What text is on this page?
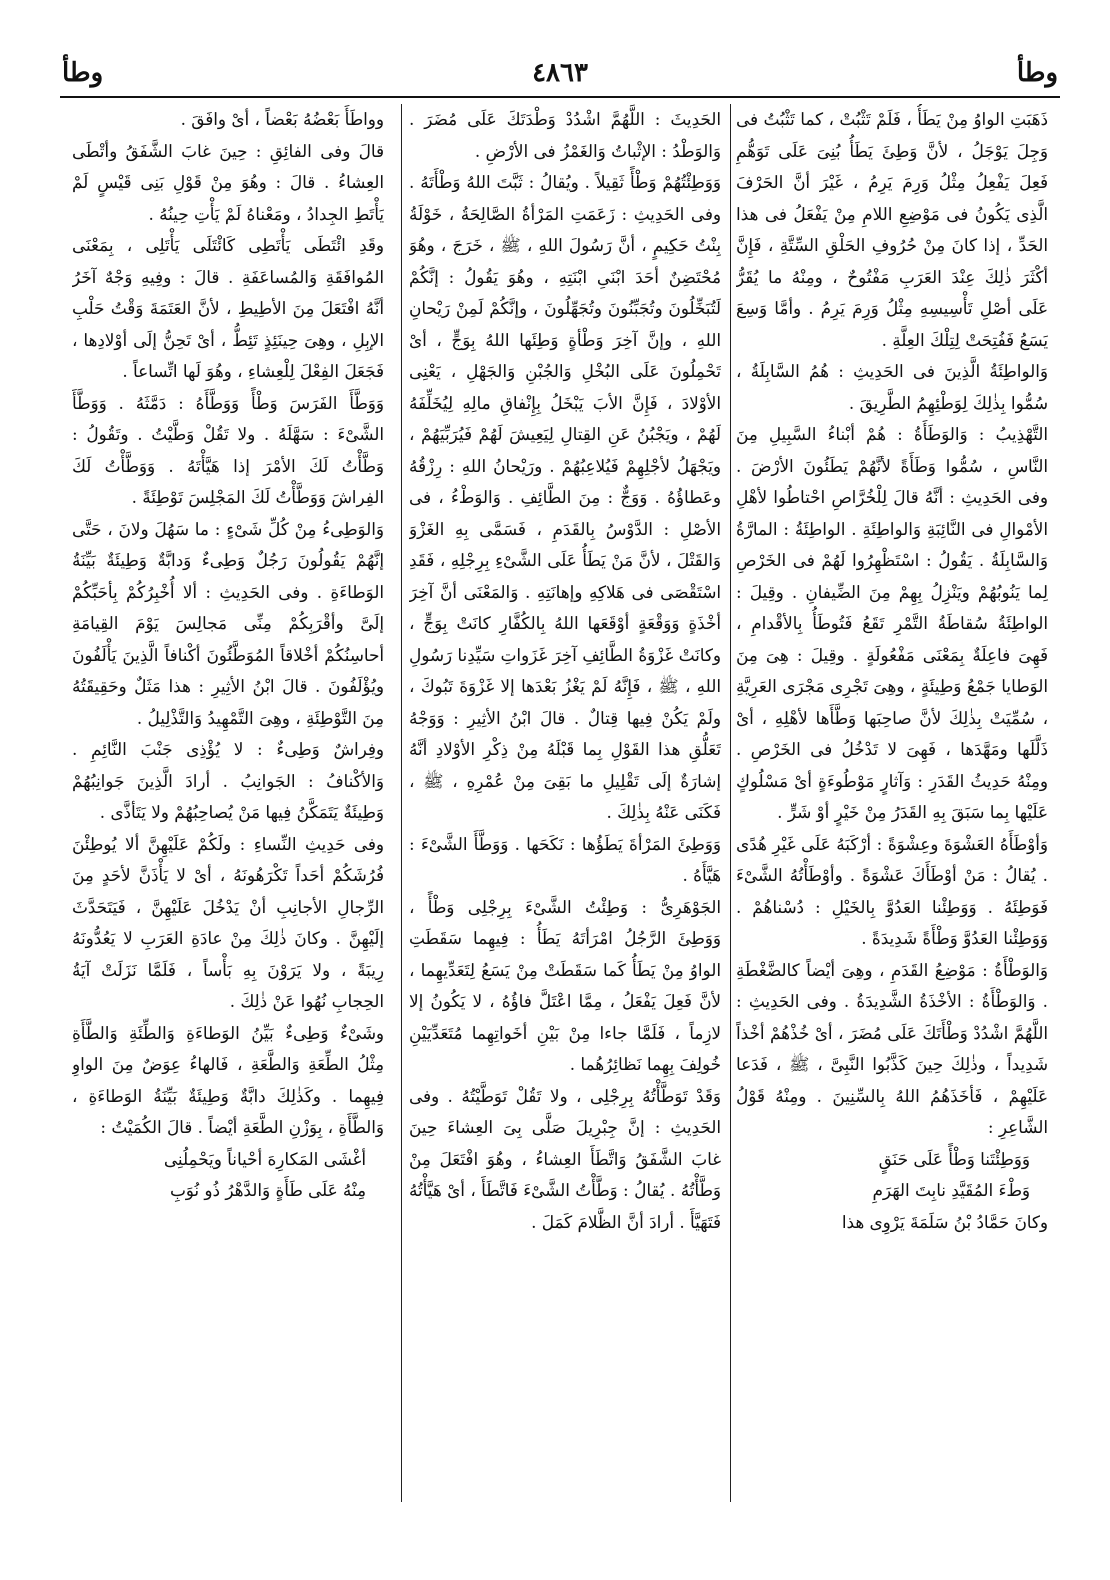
وطأ
٤٨٦٣
وطأ

ذَهَبَتِ الواوُ مِنْ يَطَأُ ، فَلَمْ تَثْبُتْ ، كما تَثْبُتُ فى وَجِلَ يَوْجَلُ ، لأنَّ وَطِئَ يَطَأُ بُنِىَ عَلَى تَوَهُّمِ فَعِلَ يَفْعِلُ مِثْلُ وَرِمَ يَرِمُ ، غَيْرَ أنَّ الحَرْفَ الَّذِى يَكُونُ فى مَوْضِعِ اللامِ مِنْ يَفْعَلُ فى هذا الحَدِّ ، إذا كانَ مِنْ حُرُوفِ الحَلْقِ السِّتَّةِ ، فَإِنَّ أكْثَرَ ذٰلِكَ عِنْدَ العَرَبِ مَفْتُوحٌ ، ومِنْهُ ما يُقَرُّ عَلَى أصْلِ تَأْسِيسِهِ مِثْلُ وَرِمَ يَرِمُ . وأمَّا وَسِعَ يَسَعُ فَفُتِحَتْ لِتِلْكَ العِلَّةِ .

وَالواطِئَةُ الَّذِينَ فى الحَدِيثِ : هُمُ السَّابِلَةُ ، سُمُّوا بِذٰلِكَ لِوَطْئِهِمُ الطَّرِيقَ .

التَّهْذِيبُ : وَالوَطَأَةُ : هُمْ أبْناءُ السَّبِيلِ مِنَ النَّاسِ ، سُمُّوا وَطَأَةً لأنَّهُمْ يَطَئُونَ الأرْضَ . وفى الحَدِيثِ : أنَّهُ قالَ لِلْخُرَّاصِ احْتاطُوا لأهْلِ الأمْوالِ فى النَّائِبَةِ وَالواطِئَةِ . الواطِئَةُ : المارَّةُ وَالسَّابِلَةُ . يَقُولُ : اسْتَظْهِرُوا لَهُمْ فى الخَرْصِ لِما يَنُوبُهُمْ ويَنْزِلُ بِهِمْ مِنَ الضِّيفانِ . وقِيلَ : الواطِئَةُ سُقاطَةُ التَّمْرِ تَقَعُ فَتُوطَأُ بِالأقْدامِ ، فَهِىَ فاعِلَةٌ بِمَعْنَى مَفْعُولَةٍ . وقِيلَ : هِىَ مِنَ الوَطايا جَمْعُ وَطِيئَةٍ ، وهِىَ تَجْرِى مَجْرَى العَرِيَّةِ ، سُمِّيَتْ بِذٰلِكَ لأنَّ صاحِبَها وَطَّأَها لأهْلِهِ ، أىْ ذَلَّلَها ومَهَّدَها ، فَهِىَ لا تَدْخُلُ فى الخَرْصِ . ومِنْهُ حَدِيثُ القَدَرِ : وَآثارٍ مَوْطُوءَةٍ أىْ مَسْلُوكٍ عَلَيْها بِما سَبَقَ بِهِ القَدَرُ مِنْ خَيْرٍ أوْ شَرٍّ .

وَأوْطَأَهُ العَشْوَةَ وعِشْوَةً : أرْكَبَهُ عَلَى غَيْرِ هُدًى . يُقالُ : مَنْ أوْطَأَكَ عَشْوَةً . وأوْطَأْتُهُ الشَّىْءَ فَوَطِئَهُ . وَوَطِئْنا العَدُوَّ بِالخَيْلِ : دُسْناهُمْ . وَوَطِئْنا العَدُوَّ وَطْأَةً شَدِيدَةً .

وَالوَطْأَةُ : مَوْضِعُ القَدَمِ ، وهِىَ أيْضاً كالضَّغْطَةِ . وَالوَطْأَةُ : الأخْذَةُ الشَّدِيدَةُ . وفى الحَدِيثِ : اللَّهُمَّ اشْدُدْ وَطْأَتَكَ عَلَى مُضَرَ ، أىْ خُذْهُمْ أخْذاً شَدِيداً ، وذٰلِكَ حِينَ كَذَّبُوا النَّبِىَّ ، ﷺ ، فَدَعا عَلَيْهِمْ ، فَأخَذَهُمُ اللهُ بِالسِّنِينَ . ومِنْهُ قَوْلُ الشَّاعِرِ :

وَوَطِئْتَنا وَطْأً عَلَى حَنَقٍ

وَطْءَ المُقَيَّدِ نابِتَ الهَرَمِ

وكانَ حَمَّادُ بْنُ سَلَمَةَ يَرْوِى هذا

الحَدِيثَ : اللَّهُمَّ اشْدُدْ وَطْدَتَكَ عَلَى مُضَرَ . وَالوَطْدُ : الإثْباتُ وَالغَمْزُ فى الأرْضِ .

وَوَطِئْتُهُمْ وَطْأً ثَقِيلاً . ويُقالُ : ثَبَّتَ اللهُ وَطْأَتَهُ . وفى الحَدِيثِ : زَعَمَتِ المَرْأةُ الصَّالِحَةُ ، خَوْلَةُ بِنْتُ حَكِيمٍ ، أنَّ رَسُولَ اللهِ ، ﷺ ، خَرَجَ ، وهُوَ مُحْتَضِنٌ أحَدَ ابْنَىِ ابْنَتِهِ ، وهُوَ يَقُولُ : إنَّكُمْ لَتُبَخِّلُونَ وتُجَبِّنُونَ وتُجَهِّلُونَ ، وإنَّكُمْ لَمِنْ رَيْحانِ اللهِ ، وإنَّ آخِرَ وَطْأةٍ وَطِئَها اللهُ بِوَجٍّ ، أىْ تَحْمِلُونَ عَلَى البُخْلِ وَالجُبْنِ وَالجَهْلِ ، يَعْنِى الأوْلادَ ، فَإِنَّ الأبَ يَبْخَلُ بِإِنْفاقِ مالِهِ لِيُخَلِّفَهُ لَهُمْ ، ويَجْبُنُ عَنِ القِتالِ لِيَعِيشَ لَهُمْ فَيُرَبِّيَهُمْ ، ويَجْهَلُ لأجْلِهِمْ فَيُلاعِبُهُمْ . ورَيْحانُ اللهِ : رِزْقُهُ وعَطاؤُهُ . وَوَجٌّ : مِنَ الطَّائِفِ . وَالوَطْءُ ، فى الأصْلِ : الدَّوْسُ بِالقَدَمِ ، فَسَمَّى بِهِ الغَزْوَ وَالقَتْلَ ، لأنَّ مَنْ يَطَأُ عَلَى الشَّىْءِ بِرِجْلِهِ ، فَقَدِ اسْتَقْصَى فى هَلاكِهِ وإهانَتِهِ . وَالمَعْنَى أنَّ آخِرَ أخْذَةٍ وَوَقْعَةٍ أوْقَعَها اللهُ بِالكُفَّارِ كانَتْ بِوَجٍّ ، وكانَتْ غَزْوَةُ الطَّائِفِ آخِرَ غَزَواتِ سَيِّدِنا رَسُولِ اللهِ ، ﷺ ، فَإِنَّهُ لَمْ يَغْزُ بَعْدَها إلا غَزْوَةَ تَبُوكَ ، ولَمْ يَكُنْ فِيها قِتالٌ . قالَ ابْنُ الأثِيرِ : وَوَجْهُ تَعَلُّقِ هذا القَوْلِ بِما قَبْلَهُ مِنْ ذِكْرِ الأوْلادِ أنَّهُ إشارَةٌ إلَى تَقْلِيلِ ما بَقِىَ مِنْ عُمْرِهِ ، ﷺ ، فَكَنَى عَنْهُ بِذٰلِكَ .

وَوَطِئَ المَرْأةَ يَطَؤُها : نَكَحَها . وَوَطَّأَ الشَّىْءَ : هَيَّأَهُ .

الجَوْهَرِىُّ : وَطِئْتُ الشَّىْءَ بِرِجْلِى وَطْأً ، وَوَطِئَ الرَّجُلُ امْرَأتَهُ يَطَأُ : فِيهِما سَقَطَتِ الواوُ مِنْ يَطَأُ كَما سَقَطَتْ مِنْ يَسَعُ لِتَعَدِّيهِما ، لأنَّ فَعِلَ يَفْعَلُ ، مِمَّا اعْتَلَّ فاؤُهُ ، لا يَكُونُ إلا لازِماً ، فَلَمَّا جاءا مِنْ بَيْنِ أخَواتِهِما مُتَعَدِّيَيْنِ خُولِفَ بِهِما نَظائِرُهُما .

وَقَدْ تَوَطَّأْتُهُ بِرِجْلِى ، ولا تَقُلْ تَوَطَّيْتُهُ . وفى الحَدِيثِ : إنَّ جِبْرِيلَ صَلَّى بِىَ العِشاءَ حِينَ غابَ الشَّفَقُ وَاتَّطَأَ العِشاءُ ، وهُوَ افْتَعَلَ مِنْ وَطَّأْتُهُ . يُقالُ : وَطَّأْتُ الشَّىْءَ فَاتَّطَأَ ، أىْ هَيَّأْتُهُ فَتَهَيَّأَ . أرادَ أنَّ الظَّلامَ كَمَلَ .

وواطَأَ بَعْضُهُ بَعْضاً ، أىْ وافَقَ .

قالَ وفى الفائِقِ : حِينَ غابَ الشَّفَقُ وأتْطَى العِشاءُ . قالَ : وهُوَ مِنْ قَوْلِ بَنِى قَيْسٍ لَمْ يَأْتَطِ الجِدادُ ، ومَعْناهُ لَمْ يَأْتِ حِينُهُ .

وقَدِ ائْتَطَى يَأْتَطِى كَائْتَلَى يَأْتَلِى ، بِمَعْنَى المُوافَقَةِ وَالمُساعَفَةِ . قالَ : وفِيهِ وَجْهٌ آخَرُ أنَّهُ افْتَعَلَ مِنَ الأطِيطِ ، لأنَّ العَتَمَةَ وَقْتُ حَلْبِ الإبِلِ ، وهِىَ حِينَئِذٍ تَئِطُّ ، أىْ تَحِنُّ إلَى أوْلادِها ، فَجَعَلَ الفِعْلَ لِلْعِشاءِ ، وهُوَ لَها اتِّساعاً .

وَوَطَّأَ الفَرَسَ وَطْأً وَوَطَّأَهُ : دَمَّثَهُ . وَوَطَّأَ الشَّىْءَ : سَهَّلَهُ . ولا تَقُلْ وَطَّيْتُ . وتَقُولُ : وَطَّأْتُ لَكَ الأمْرَ إذا هَيَّأْتَهُ . وَوَطَّأْتُ لَكَ الفِراشَ وَوَطَّأْتُ لَكَ المَجْلِسَ تَوْطِئَةً .

وَالوَطِىءُ مِنْ كُلِّ شَىْءٍ : ما سَهُلَ ولانَ ، حَتَّى إنَّهُمْ يَقُولُونَ رَجُلٌ وَطِىءٌ وَدابَّةٌ وَطِيئَةٌ بَيِّنَةُ الوَطاءَةِ . وفى الحَدِيثِ : ألا أُخْبِرُكُمْ بِأحَبِّكُمْ إلَىَّ وأقْرَبِكُمْ مِنِّى مَجالِسَ يَوْمَ القِيامَةِ أحاسِنُكُمْ أخْلاقاً المُوَطَّئُونَ أكْنافاً الَّذِينَ يَأْلَفُونَ ويُؤْلَفُونَ . قالَ ابْنُ الأثِيرِ : هذا مَثَلٌ وحَقِيقَتُهُ مِنَ التَّوْطِئَةِ ، وهِىَ التَّمْهِيدُ وَالتَّذْلِيلُ .

وفِراشٌ وَطِىءٌ : لا يُؤْذِى جَنْبَ النَّائِمِ . وَالأكْنافُ : الجَوانِبُ . أرادَ الَّذِينَ جَوانِبُهُمْ وَطِيئَةٌ يَتَمَكَّنُ فِيها مَنْ يُصاحِبُهُمْ ولا يَتَأذَّى .

وفى حَدِيثِ النِّساءِ : ولَكُمْ عَلَيْهِنَّ ألا يُوطِئْنَ فُرُشَكُمْ أحَداً تَكْرَهُونَهُ ، أىْ لا يَأْذَنَّ لأحَدٍ مِنَ الرِّجالِ الأجانِبِ أنْ يَدْخُلَ عَلَيْهِنَّ ، فَيَتَحَدَّثَ إلَيْهِنَّ . وكانَ ذٰلِكَ مِنْ عادَةِ العَرَبِ لا يَعُدُّونَهُ رِيبَةً ، ولا يَرَوْنَ بِهِ بَأْساً ، فَلَمَّا نَزَلَتْ آيَةُ الحِجابِ نُهُوا عَنْ ذٰلِكَ .

وشَىْءٌ وَطِىءٌ بَيِّنُ الوَطاءَةِ وَالطِّئَةِ وَالطَّأَةِ مِثْلُ الطِّعَةِ وَالطَّعَةِ ، فَالهاءُ عِوَضٌ مِنَ الواوِ فِيهِما . وكَذٰلِكَ دابَّةٌ وَطِيئَةٌ بَيِّنَةُ الوَطاءَةِ ، وَالطَّأَةِ ، بِوَزْنِ الطَّعَةِ أيْضاً . قالَ الكُمَيْتُ :

أغْشَى المَكارِهَ أحْياناً ويَحْمِلُنِى

مِنْهُ عَلَى طَأَةٍ وَالدَّهْرُ ذُو نُوَبِ
